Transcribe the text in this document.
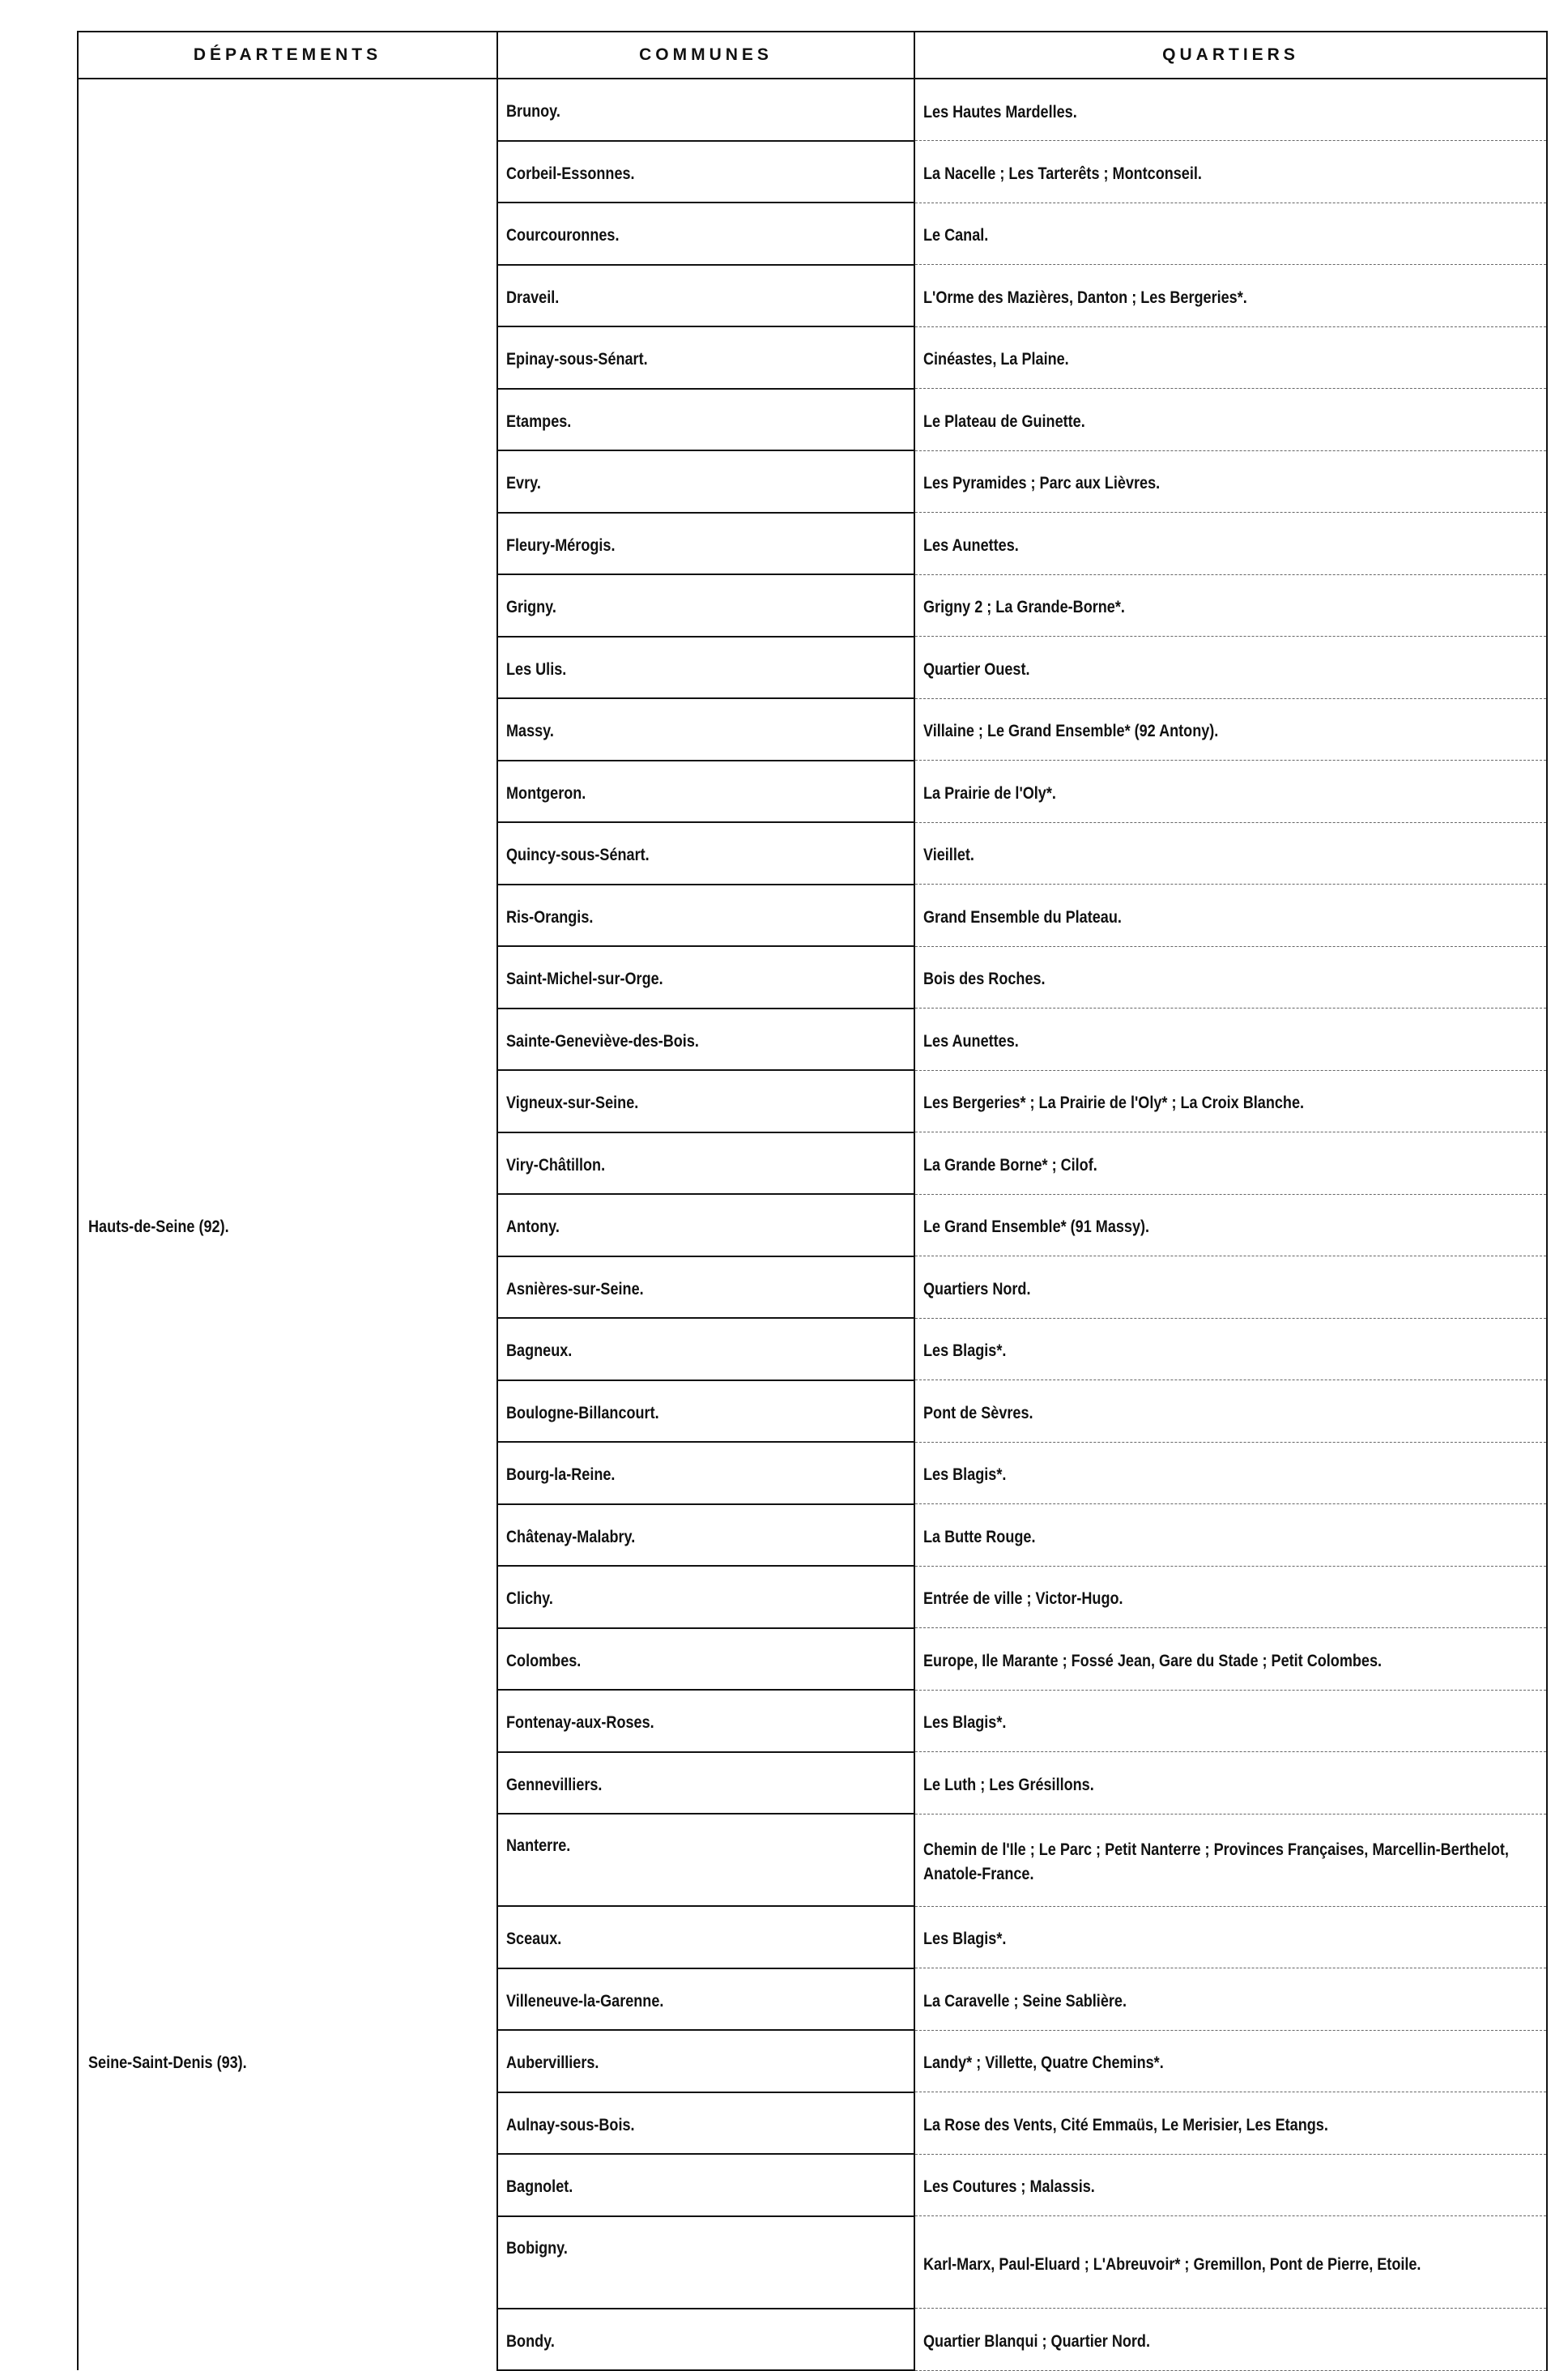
DÉPARTEMENTS	COMMUNES	QUARTIERS
	Brunoy.	Les Hautes Mardelles.
	Corbeil-Essonnes.	La Nacelle ; Les Tarterêts ; Montconseil.
	Courcouronnes.	Le Canal.
	Draveil.	L'Orme des Mazières, Danton ; Les Bergeries*.
	Epinay-sous-Sénart.	Cinéastes, La Plaine.
	Etampes.	Le Plateau de Guinette.
	Evry.	Les Pyramides ; Parc aux Lièvres.
	Fleury-Mérogis.	Les Aunettes.
	Grigny.	Grigny 2 ; La Grande-Borne*.
	Les Ulis.	Quartier Ouest.
	Massy.	Villaine ; Le Grand Ensemble* (92 Antony).
	Montgeron.	La Prairie de l'Oly*.
	Quincy-sous-Sénart.	Vieillet.
	Ris-Orangis.	Grand Ensemble du Plateau.
	Saint-Michel-sur-Orge.	Bois des Roches.
	Sainte-Geneviève-des-Bois.	Les Aunettes.
	Vigneux-sur-Seine.	Les Bergeries* ; La Prairie de l'Oly* ; La Croix Blanche.
	Viry-Châtillon.	La Grande Borne* ; Cilof.
Hauts-de-Seine (92).	Antony.	Le Grand Ensemble* (91 Massy).
	Asnières-sur-Seine.	Quartiers Nord.
	Bagneux.	Les Blagis*.
	Boulogne-Billancourt.	Pont de Sèvres.
	Bourg-la-Reine.	Les Blagis*.
	Châtenay-Malabry.	La Butte Rouge.
	Clichy.	Entrée de ville ; Victor-Hugo.
	Colombes.	Europe, Ile Marante ; Fossé Jean, Gare du Stade ; Petit Colombes.
	Fontenay-aux-Roses.	Les Blagis*.
	Gennevilliers.	Le Luth ; Les Grésillons.
	Nanterre.	Chemin de l'Ile ; Le Parc ; Petit Nanterre ; Provinces Françaises, Marcellin-Berthelot, Anatole-France.

	Sceaux.	Les Blagis*.
	Villeneuve-la-Garenne.	La Caravelle ; Seine Sablière.
Seine-Saint-Denis (93).	Aubervilliers.	Landy* ; Villette, Quatre Chemins*.
	Aulnay-sous-Bois.	La Rose des Vents, Cité Emmaüs, Le Merisier, Les Etangs.
	Bagnolet.	Les Coutures ; Malassis.
	Bobigny.	Karl-Marx, Paul-Eluard ; L'Abreuvoir* ; Gremillon, Pont de Pierre, Etoile.

	Bondy.	Quartier Blanqui ; Quartier Nord.
